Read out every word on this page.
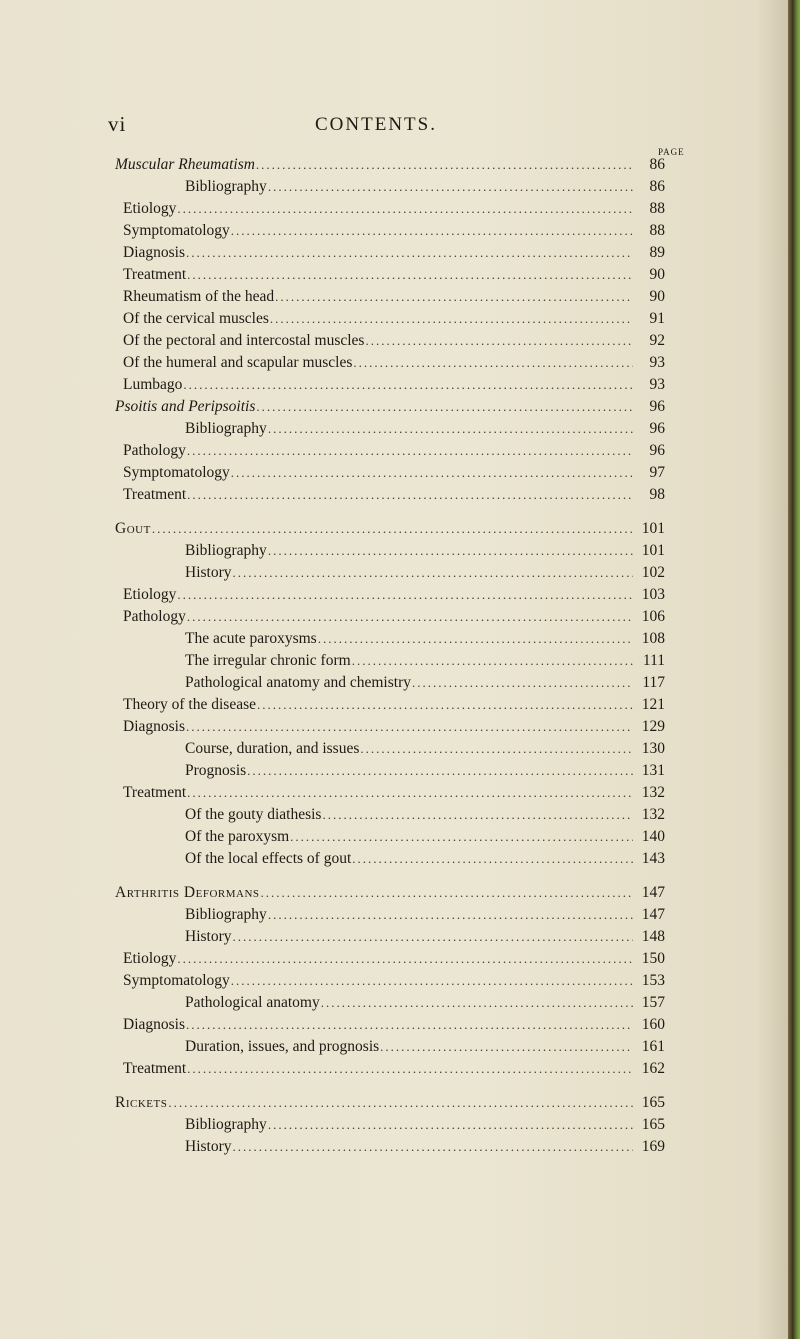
vi	CONTENTS.
PAGE
Muscular Rheumatism .....	86
Bibliography .....	86
Etiology .....	88
Symptomatology .....	88
Diagnosis .....	89
Treatment .....	90
Rheumatism of the head .....	90
Of the cervical muscles .....	91
Of the pectoral and intercostal muscles .....	92
Of the humeral and scapular muscles .....	93
Lumbago .....	93
Psoitis and Peripsoitis .....	96
Bibliography .....	96
Pathology .....	96
Symptomatology .....	97
Treatment .....	98
Gout .....	101
Bibliography .....	101
History .....	102
Etiology .....	103
Pathology .....	106
The acute paroxysms .....	108
The irregular chronic form .....	111
Pathological anatomy and chemistry .....	117
Theory of the disease .....	121
Diagnosis .....	129
Course, duration, and issues .....	130
Prognosis .....	131
Treatment .....	132
Of the gouty diathesis .....	132
Of the paroxysm .....	140
Of the local effects of gout .....	143
Arthritis Deformans .....	147
Bibliography .....	147
History .....	148
Etiology .....	150
Symptomatology .....	153
Pathological anatomy .....	157
Diagnosis .....	160
Duration, issues, and prognosis .....	161
Treatment .....	162
Rickets .....	165
Bibliography .....	165
History .....	169
